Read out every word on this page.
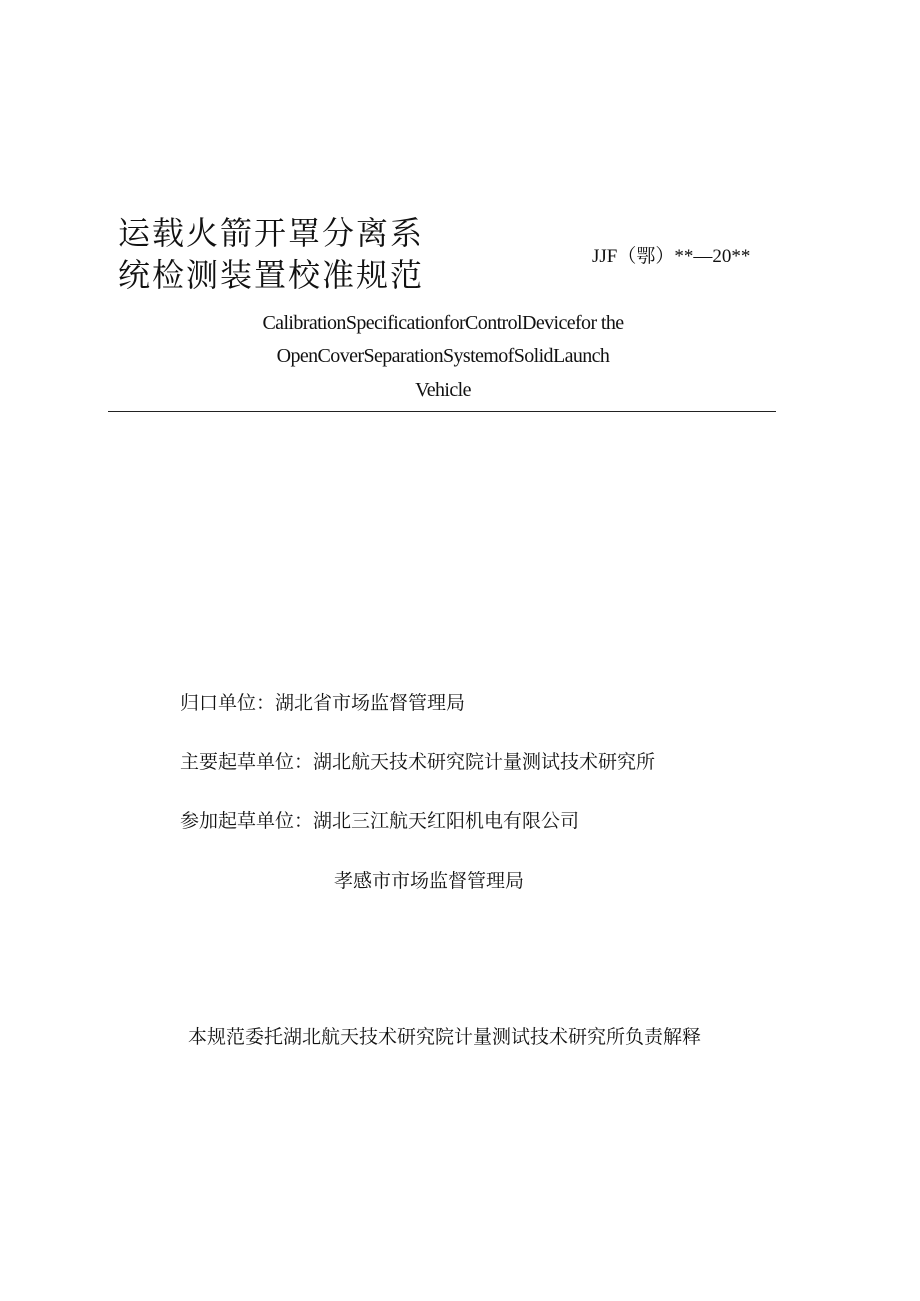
运载火箭开罩分离系
统检测装置校准规范	JJF（鄂）**—20**
CalibrationSpecificationforControlDevicefor the
OpenCoverSeparationSystemofSolidLaunch
Vehicle
归口单位：湖北省市场监督管理局
主要起草单位：湖北航天技术研究院计量测试技术研究所
参加起草单位：湖北三江航天红阳机电有限公司
孝感市市场监督管理局
本规范委托湖北航天技术研究院计量测试技术研究所负责解释
